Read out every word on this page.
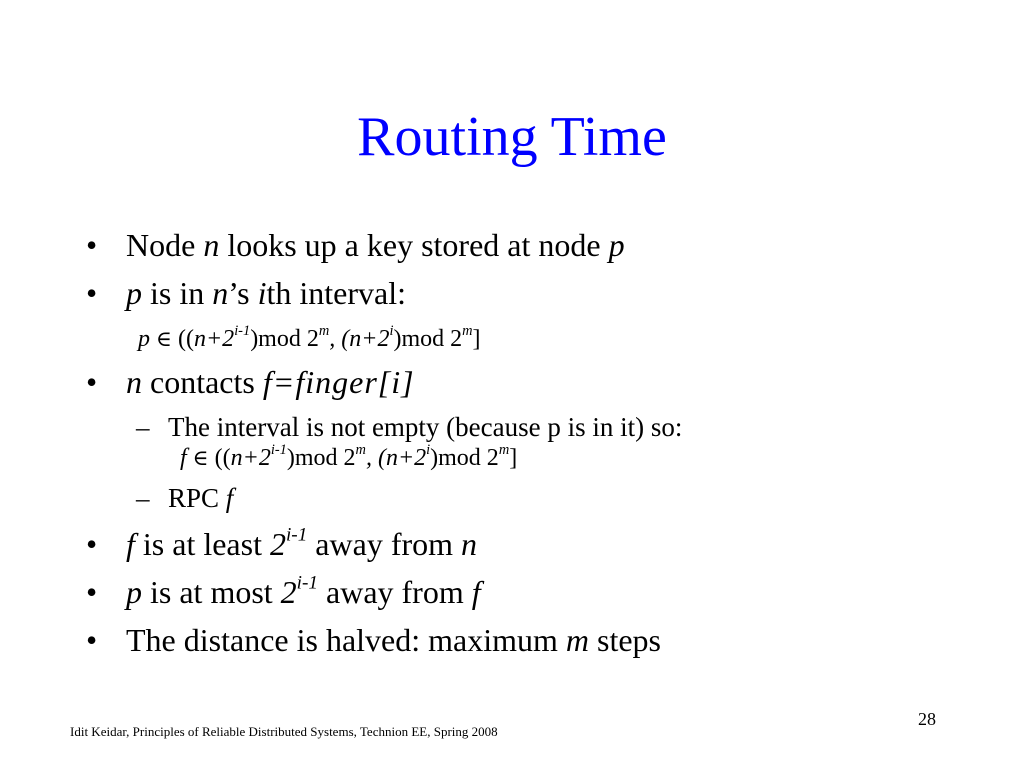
Routing Time
• Node n looks up a key stored at node p
• p is in n’s ith interval:
p ∈ ($(n+2^{i-1})mod$ 2$^m$, $(n+2^i)mod$ 2$^m$]
• n contacts f=finger[i]
– The interval is not empty (because p is in it) so:
f ∈ ($(n+2^{i-1})mod$ 2$^m$, $(n+2^i)mod$ 2$^m$]
– RPC f
• f is at least 2$^{i-1}$ away from n
• p is at most 2$^{i-1}$ away from f
• The distance is halved: maximum m steps
28
Idit Keidar, Principles of Reliable Distributed Systems, Technion EE, Spring 2008
